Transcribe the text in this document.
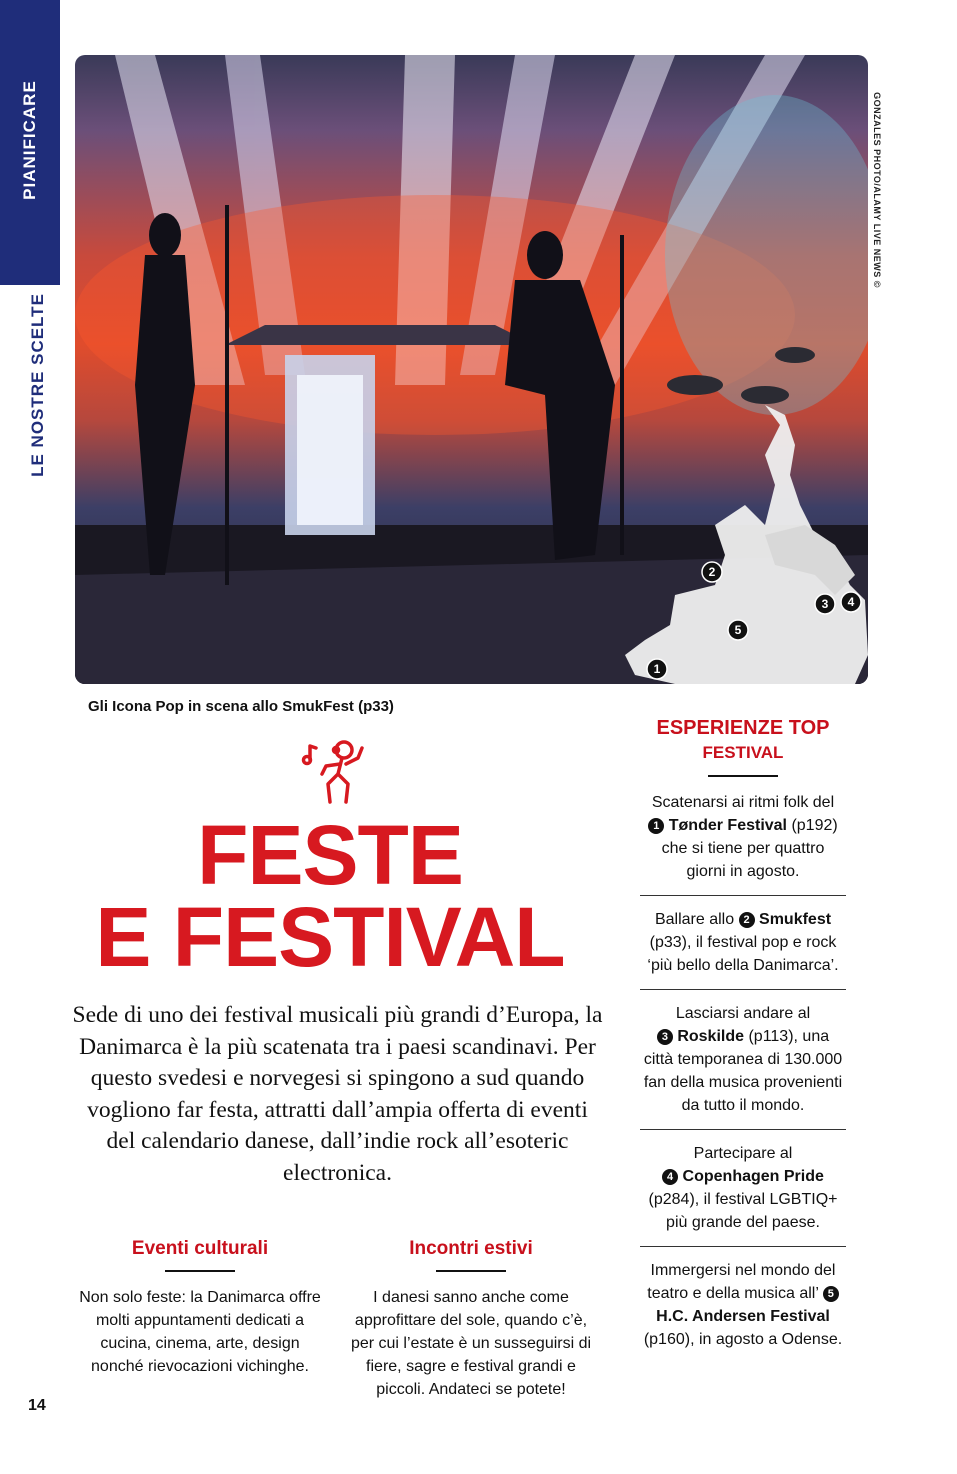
PIANIFICARE
LE NOSTRE SCELTE
1
2
3 4
5
GONZALES PHOTO/ALAMY LIVE NEWS ©
Gli Icona Pop in scena allo SmukFest (p33)
FESTE
E FESTIVAL

Sede di uno dei festival musicali più grandi d’Europa, la Danimarca è la più scatenata tra i paesi scandinavi. Per questo svedesi e norvegesi si spingono a sud quando vogliono far festa, attratti dall’ampia offerta di eventi del calendario danese, dall’indie rock all’esoteric electronica.

Eventi culturali

Non solo feste: la Danimarca offre molti appuntamenti dedicati a cucina, cinema, arte, design nonché rievocazioni vichinghe.

Incontri estivi

I danesi sanno anche come approfittare del sole, quando c’è, per cui l’estate è un susseguirsi di fiere, sagre e festival grandi e piccoli. Andateci se potete!

14
ESPERIENZE TOP
FESTIVAL
Scatenarsi ai ritmi folk del
1 Tønder Festival (p192) che si tiene per quattro giorni in agosto.
Ballare allo 2 Smukfest (p33), il festival pop e rock ‘più bello della Danimarca’.
Lasciarsi andare al
3 Roskilde (p113), una città temporanea di 130.000 fan della musica provenienti da tutto il mondo.
Partecipare al
4 Copenhagen Pride (p284), il festival LGBTIQ+ più grande del paese.
Immergersi nel mondo del teatro e della musica all’ 5 H.C. Andersen Festival (p160), in agosto a Odense.
